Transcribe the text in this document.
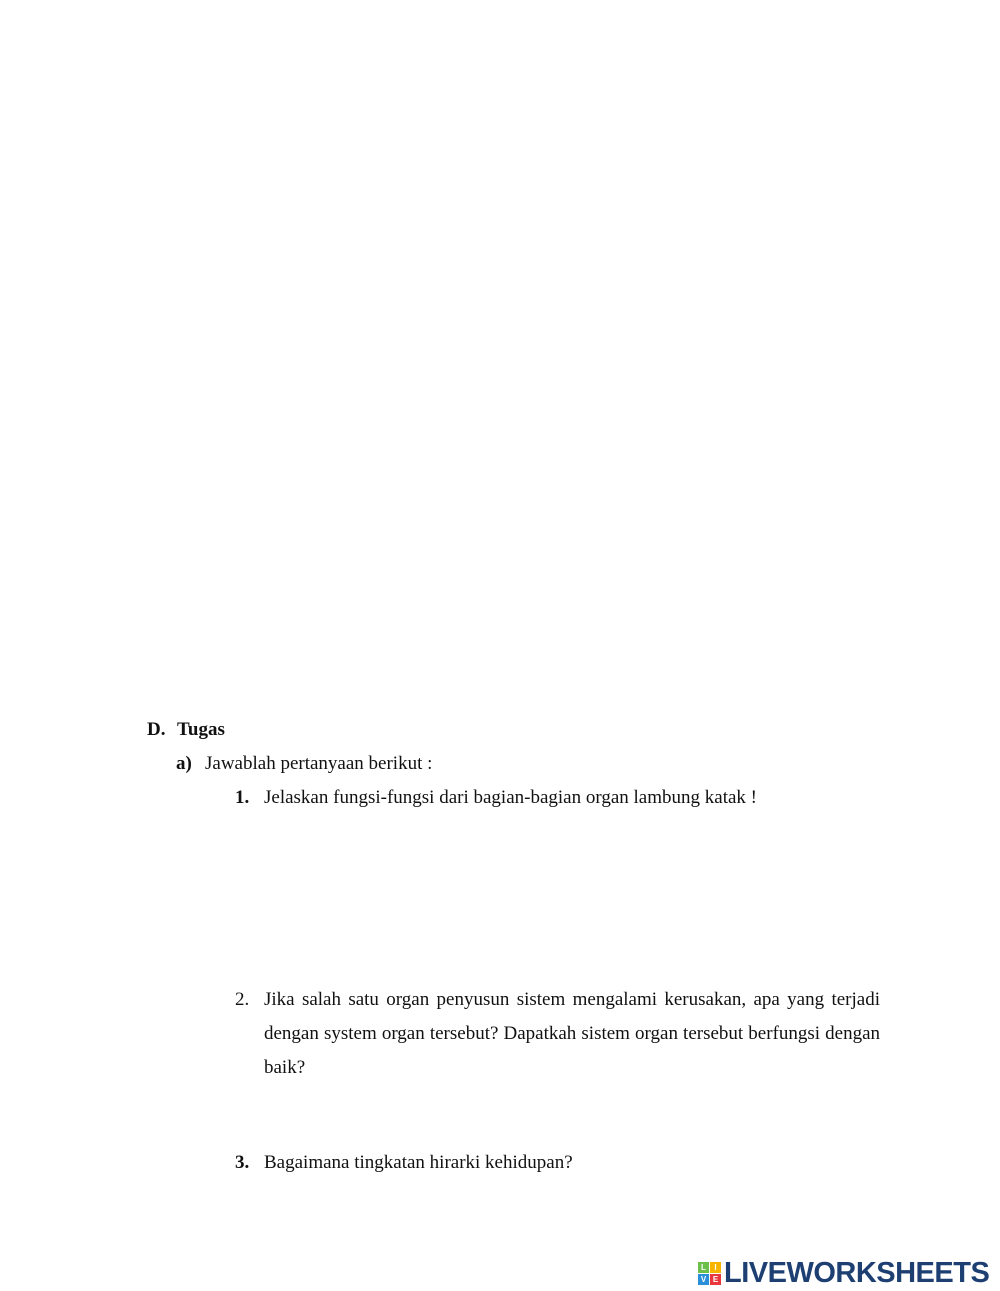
D. Tugas
a) Jawablah pertanyaan berikut :
1. Jelaskan fungsi-fungsi dari bagian-bagian organ lambung katak !
2. Jika salah satu organ penyusun sistem mengalami kerusakan, apa yang terjadi dengan system organ tersebut? Dapatkah sistem organ tersebut berfungsi dengan baik?
3. Bagaimana tingkatan hirarki kehidupan?
L	I
V E LIVEWORKSHEETS
